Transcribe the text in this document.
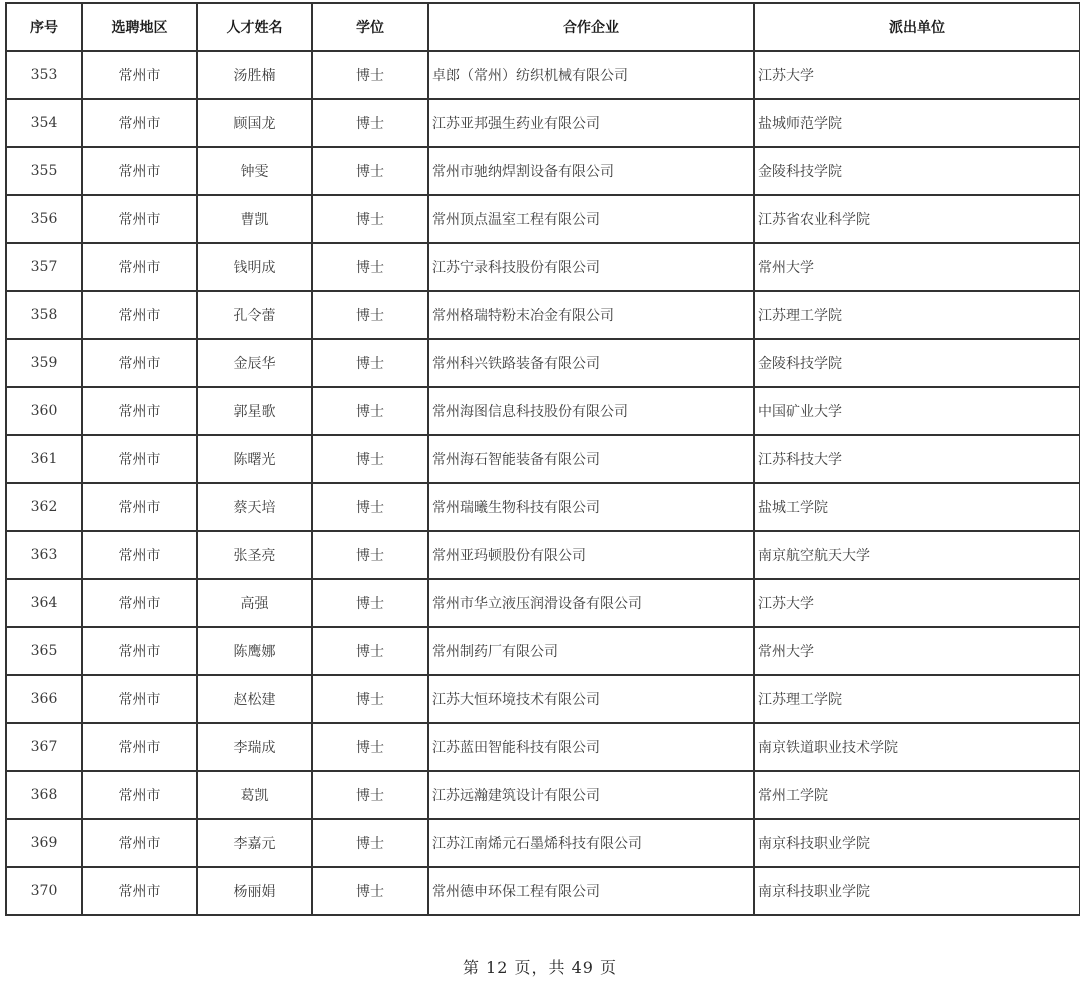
序号	选聘地区	人才姓名	学位	合作企业	派出单位
353	常州市	汤胜楠	博士	卓郎（常州）纺织机械有限公司	江苏大学
354	常州市	顾国龙	博士	江苏亚邦强生药业有限公司	盐城师范学院
355	常州市	钟雯	博士	常州市驰纳焊割设备有限公司	金陵科技学院
356	常州市	曹凯	博士	常州顶点温室工程有限公司	江苏省农业科学院
357	常州市	钱明成	博士	江苏宁录科技股份有限公司	常州大学
358	常州市	孔令蕾	博士	常州格瑞特粉末冶金有限公司	江苏理工学院
359	常州市	金辰华	博士	常州科兴铁路装备有限公司	金陵科技学院
360	常州市	郭星歌	博士	常州海图信息科技股份有限公司	中国矿业大学
361	常州市	陈曙光	博士	常州海石智能装备有限公司	江苏科技大学
362	常州市	蔡天培	博士	常州瑞曦生物科技有限公司	盐城工学院
363	常州市	张圣亮	博士	常州亚玛顿股份有限公司	南京航空航天大学
364	常州市	高强	博士	常州市华立液压润滑设备有限公司	江苏大学
365	常州市	陈鹰娜	博士	常州制药厂有限公司	常州大学
366	常州市	赵松建	博士	江苏大恒环境技术有限公司	江苏理工学院
367	常州市	李瑞成	博士	江苏蓝田智能科技有限公司	南京铁道职业技术学院
368	常州市	葛凯	博士	江苏远瀚建筑设计有限公司	常州工学院
369	常州市	李嘉元	博士	江苏江南烯元石墨烯科技有限公司	南京科技职业学院
370	常州市	杨丽娟	博士	常州德申环保工程有限公司	南京科技职业学院
第 12 页，共 49 页
